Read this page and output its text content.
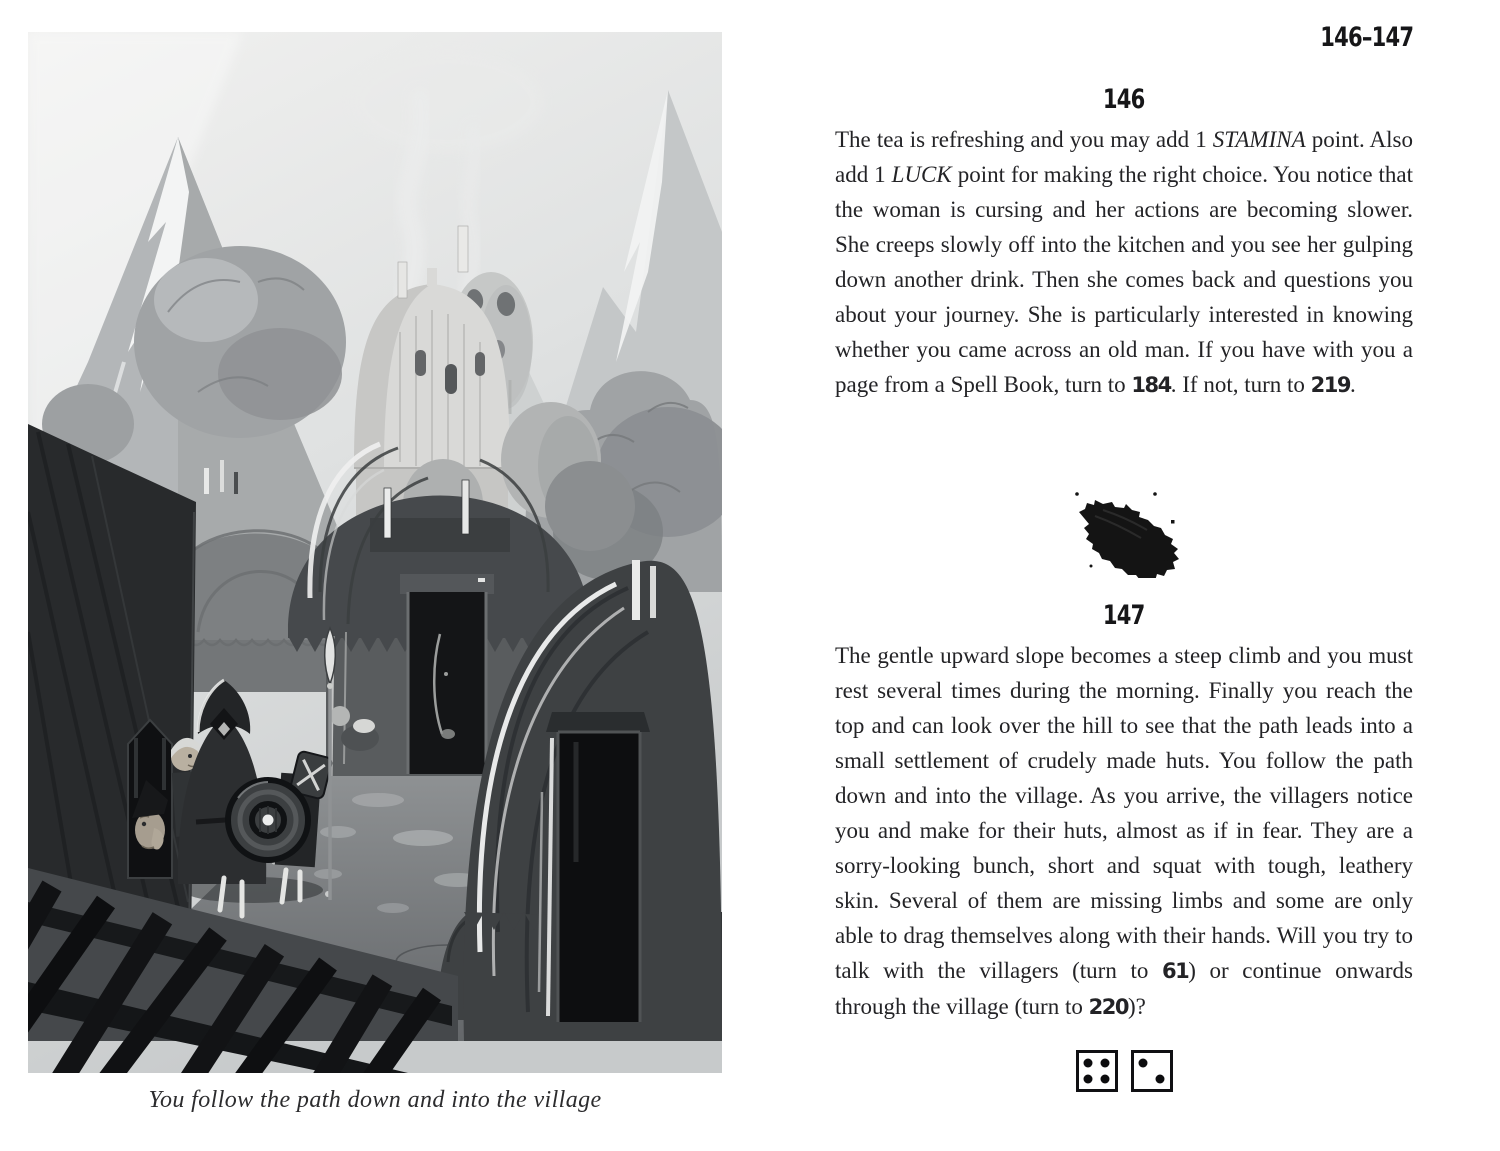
You follow the path down and into the village
146–147
146

The tea is refreshing and you may add 1 STAMINA point. Also add 1 LUCK point for making the right choice. You notice that the woman is cursing and her actions are becoming slower. She creeps slowly off into the kitchen and you see her gulping down another drink. Then she comes back and questions you about your journey. She is particularly interested in knowing whether you came across an old man. If you have with you a page from a Spell Book, turn to 184. If not, turn to 219.

147

The gentle upward slope becomes a steep climb and you must rest several times during the morning. Finally you reach the top and can look over the hill to see that the path leads into a small settlement of crudely made huts. You follow the path down and into the village. As you arrive, the villagers notice you and make for their huts, almost as if in fear. They are a sorry-looking bunch, short and squat with tough, leathery skin. Several of them are missing limbs and some are only able to drag themselves along with their hands. Will you try to talk with the villagers (turn to 61) or continue onwards through the village (turn to 220)?
